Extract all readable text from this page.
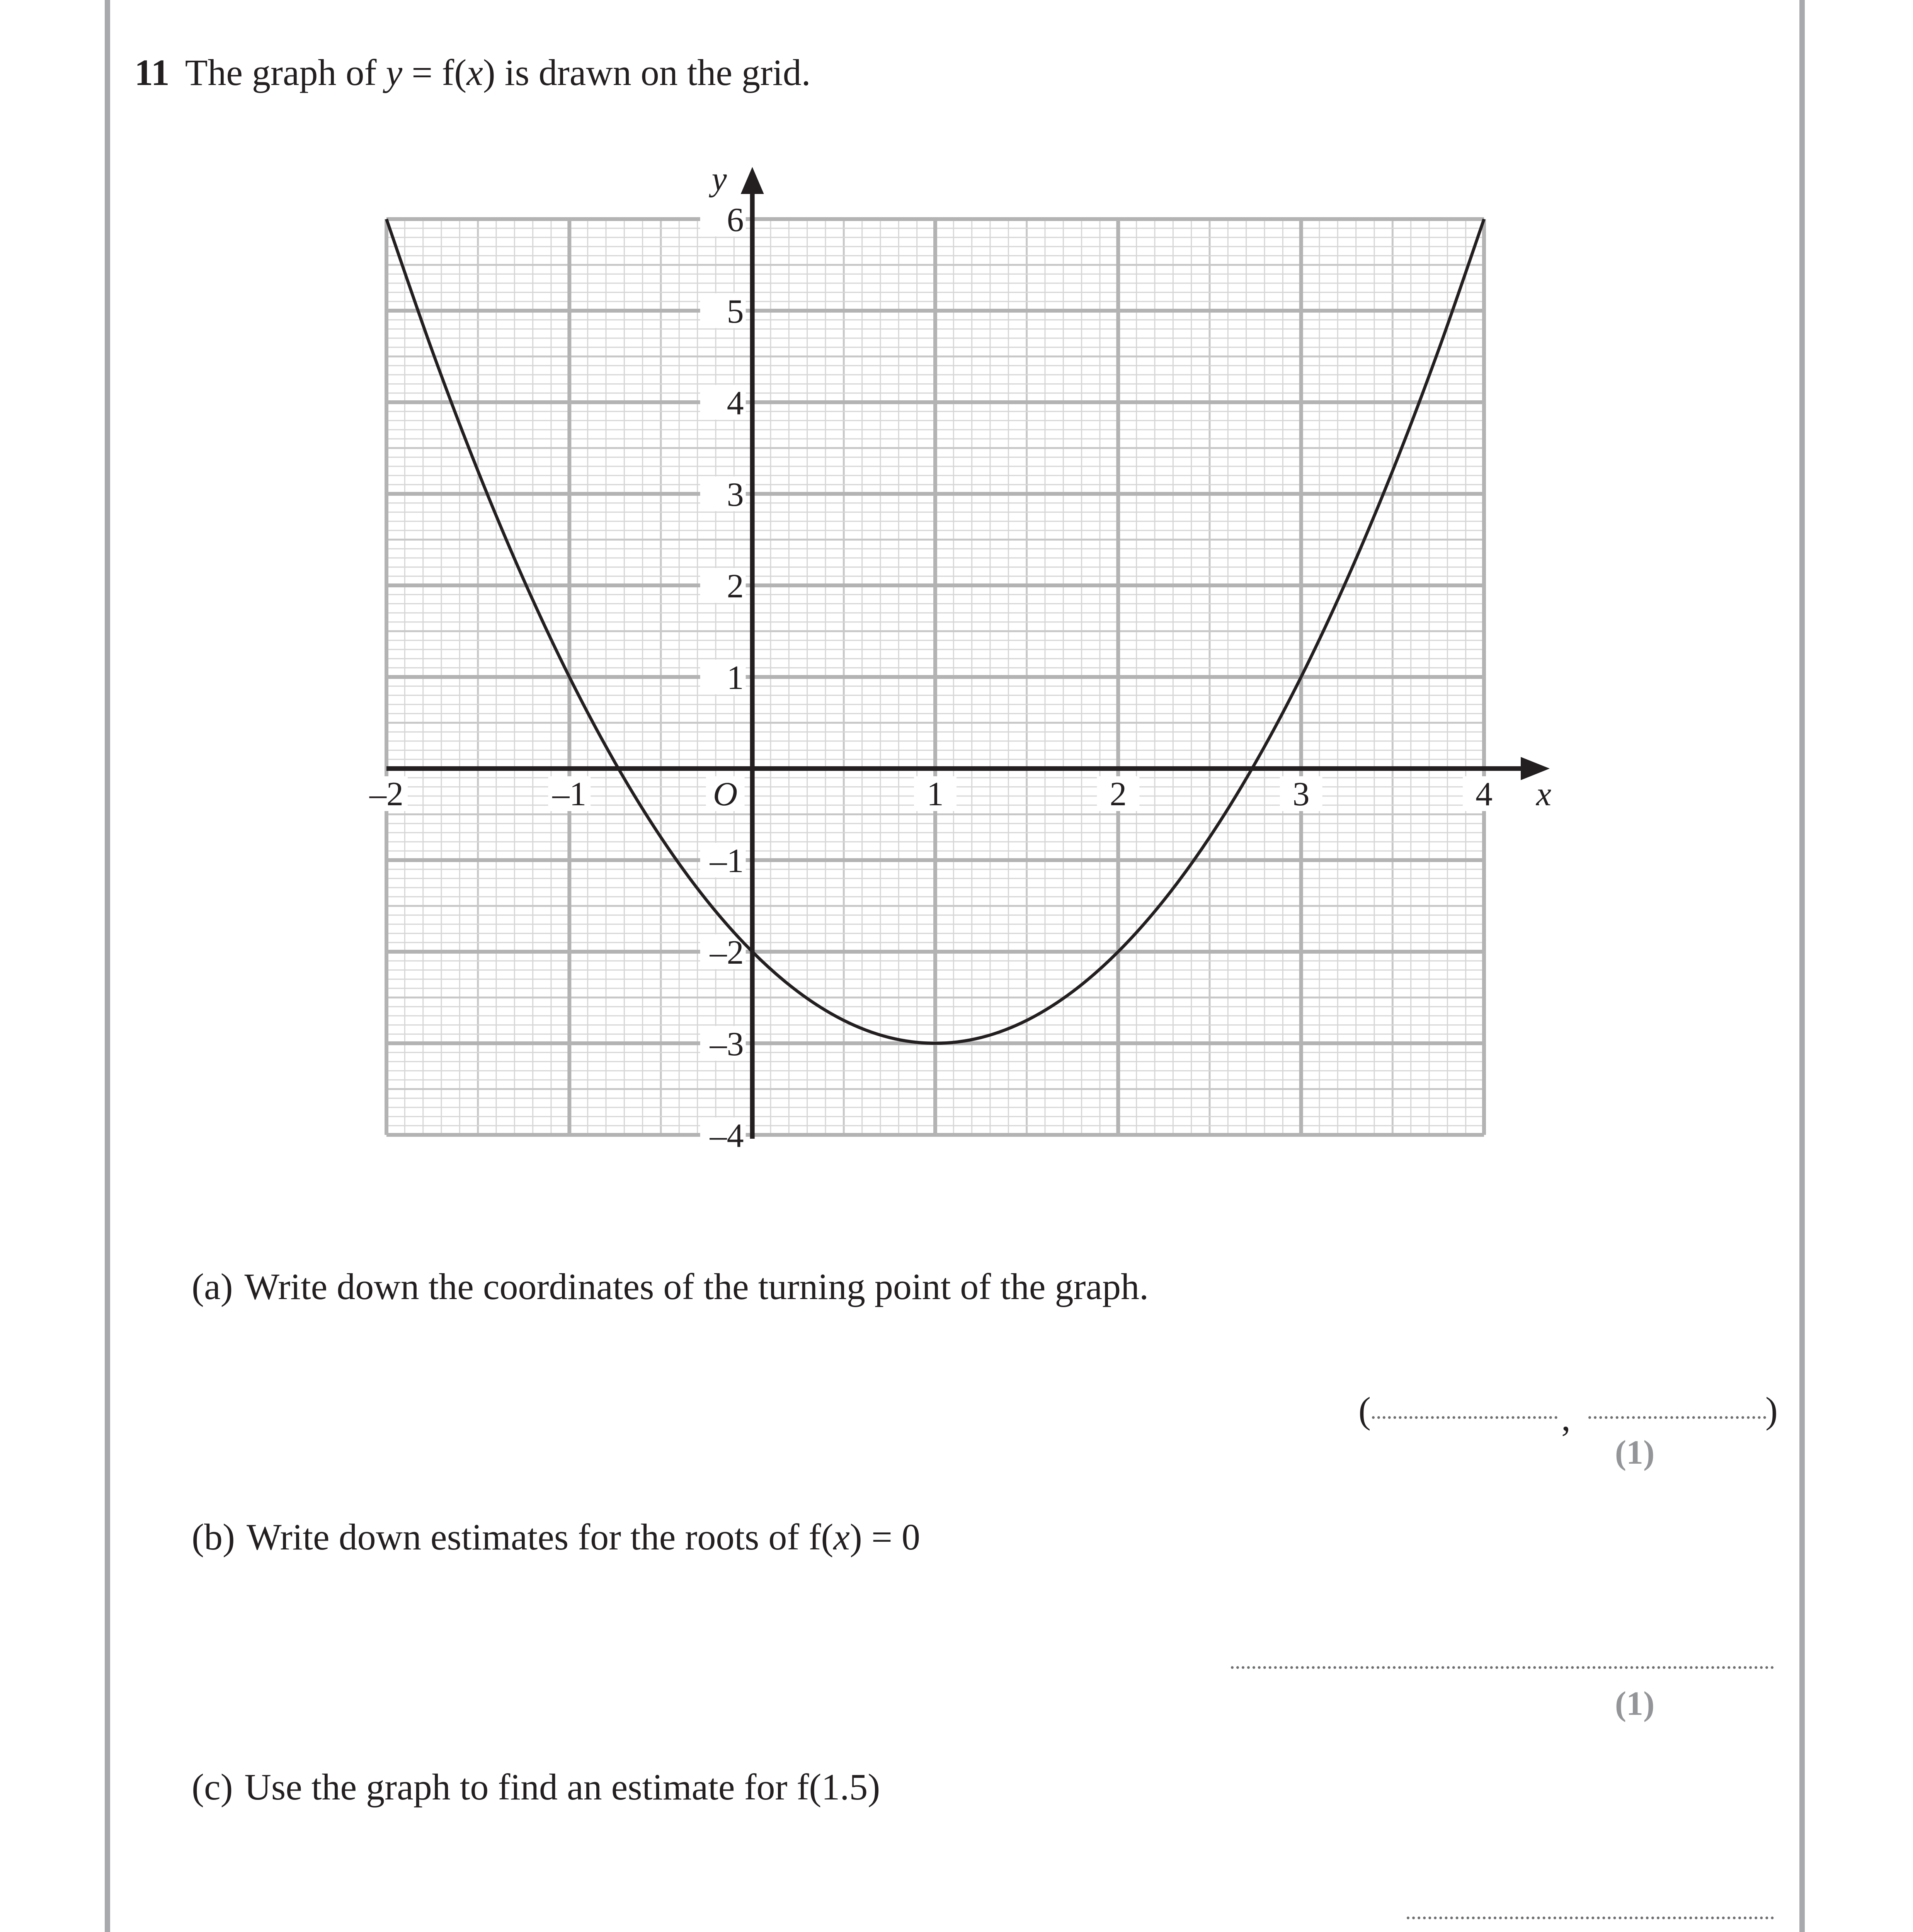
11 The graph of y = f(x) is drawn on the grid.
–2	–1	1	2	3	4
O
6
5
4
3
2
1
–1
–2
–3
–4
x
y
(a) Write down the coordinates of the turning point of the graph.
(	,	)
(1)
(b) Write down estimates for the roots of f(x) = 0
(1)
(c) Use the graph to find an estimate for f(1.5)
